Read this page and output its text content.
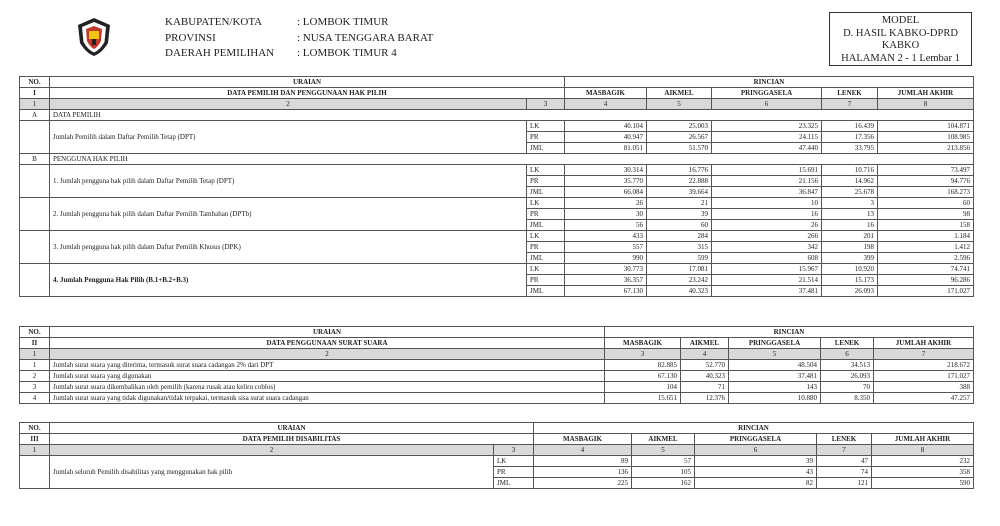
KABUPATEN/KOTA	: LOMBOK TIMUR
PROVINSI	: NUSA TENGGARA BARAT
DAERAH PEMILIHAN	: LOMBOK TIMUR 4
MODEL
D. HASIL KABKO-DPRD
KABKO
HALAMAN 2 - 1 Lembar 1
NO.	URAIAN		RINCIAN				
I	DATA PEMILIH DAN PENGGUNAAN HAK PILIH		MASBAGIK	AIKMEL	PRINGGASELA	LENEK	JUMLAH AKHIR
1	2	3	4	5	6	7	8
A	DATA PEMILIH						
	Jumlah Pemilih dalam Daftar Pemilih Tetap (DPT)	LK	40.104	25.003	23.325	16.439	104.871
		PR	40.947	26.567	24.115	17.356	108.985
		JML	81.051	51.570	47.440	33.795	213.856
B	PENGGUNA HAK PILIH						
	1. Jumlah pengguna hak pilih dalam Daftar Pemilih Tetap (DPT)	LK	30.314	16.776	15.691	10.716	73.497
		PR	35.770	22.888	21.156	14.962	94.776
		JML	66.084	39.664	36.847	25.678	168.273
	2. Jumlah pengguna hak pilih dalam Daftar Pemilih Tambahan (DPTb)	LK	26	21	10	3	60
		PR	30	39	16	13	98
		JML	56	60	26	16	158
	3. Jumlah pengguna hak pilih dalam Daftar Pemilih Khusus (DPK)	LK	433	284	266	201	1.184
		PR	557	315	342	198	1.412
		JML	990	599	608	399	2.596
	4. Jumlah Pengguna Hak Pilih (B.1+B.2+B.3)	LK	30.773	17.081	15.967	10.920	74.741
		PR	36.357	23.242	21.514	15.173	96.286
		JML	67.130	40.323	37.481	26.093	171.027
NO.	URAIAN	RINCIAN				
II	DATA PENGGUNAAN SURAT SUARA	MASBAGIK	AIKMEL	PRINGGASELA	LENEK	JUMLAH AKHIR
1	2	3	4	5	6	7
1	Jumlah surat suara yang diterima, termasuk surat suara cadangan 2% dari DPT	82.885	52.770	48.504	34.513	218.672
2	Jumlah surat suara yang digunakan	67.130	40.323	37.481	26.093	171.027
3	Jumlah surat suara dikembalikan oleh pemilih (karena rusak atau keliru coblos)	104	71	143	70	388
4	Jumlah surat suara yang tidak digunakan/tidak terpakai, termasuk sisa surat suara cadangan	15.651	12.376	10.880	8.350	47.257
NO.	URAIAN		RINCIAN				
III	DATA PEMILIH DISABILITAS		MASBAGIK	AIKMEL	PRINGGASELA	LENEK	JUMLAH AKHIR
1	2	3	4	5	6	7	8
	Jumlah seluruh Pemilih disabilitas yang menggunakan hak pilih	LK	89	57	39	47	232
		PR	136	105	43	74	358
		JML	225	162	82	121	590
